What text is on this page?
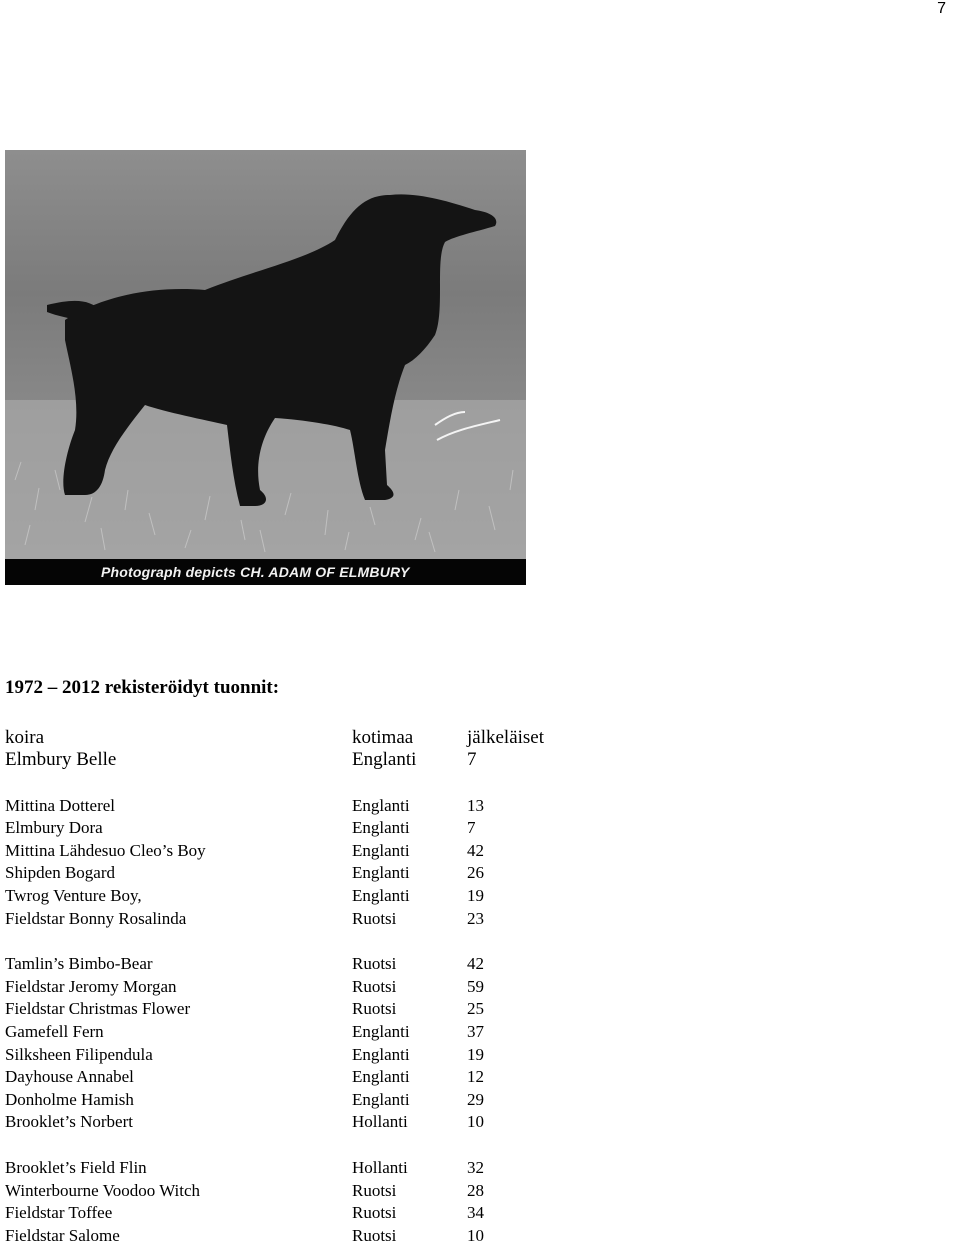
7
Photograph depicts CH. ADAM OF ELMBURY
1972 – 2012 rekisteröidyt tuonnit:
koira	kotimaa	jälkeläiset
Elmbury Belle	Englanti	7

Mittina Dotterel	Englanti	13
Elmbury Dora	Englanti	7
Mittina Lähdesuo Cleo’s Boy	Englanti	42
Shipden Bogard	Englanti	26
Twrog Venture Boy,	Englanti	19
Fieldstar Bonny Rosalinda	Ruotsi	23

Tamlin’s Bimbo-Bear	Ruotsi	42
Fieldstar Jeromy Morgan	Ruotsi	59
Fieldstar Christmas Flower	Ruotsi	25
Gamefell Fern	Englanti	37
Silksheen Filipendula	Englanti	19
Dayhouse Annabel	Englanti	12
Donholme Hamish	Englanti	29
Brooklet’s Norbert	Hollanti	10

Brooklet’s Field Flin	Hollanti	32
Winterbourne Voodoo Witch	Ruotsi	28
Fieldstar Toffee	Ruotsi	34
Fieldstar Salome	Ruotsi	10
